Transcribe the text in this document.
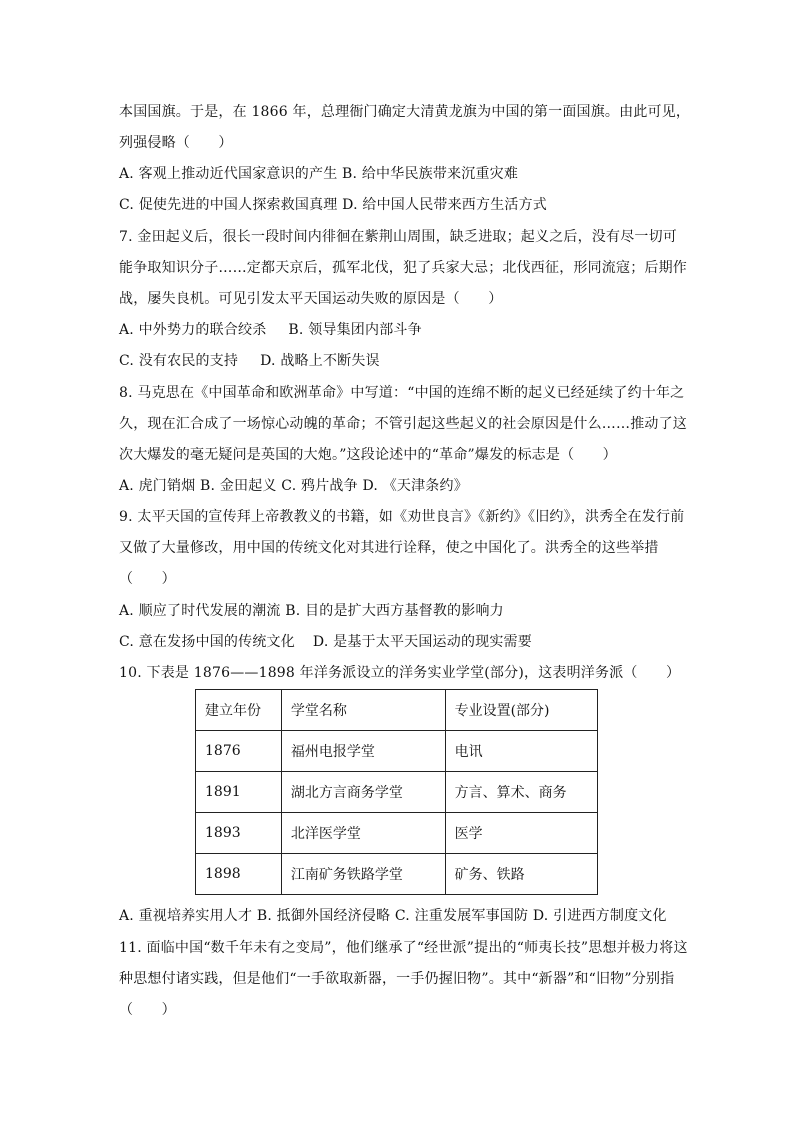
本国国旗。于是，在 1866 年，总理衙门确定大清黄龙旗为中国的第一面国旗。由此可见，
列强侵略（　　）
A. 客观上推动近代国家意识的产生 B. 给中华民族带来沉重灾难
C. 促使先进的中国人探索救国真理 D. 给中国人民带来西方生活方式
7. 金田起义后，很长一段时间内徘徊在紫荆山周围，缺乏进取；起义之后，没有尽一切可
能争取知识分子……定都天京后，孤军北伐，犯了兵家大忌；北伐西征，形同流寇；后期作
战，屡失良机。可见引发太平天国运动失败的原因是（　　）
A. 中外势力的联合绞杀 B. 领导集团内部斗争
C. 没有农民的支持 D. 战略上不断失误
8. 马克思在《中国革命和欧洲革命》中写道：“中国的连绵不断的起义已经延续了约十年之
久，现在汇合成了一场惊心动魄的革命；不管引起这些起义的社会原因是什么……推动了这
次大爆发的毫无疑问是英国的大炮。”这段论述中的“革命”爆发的标志是（　　）
A. 虎门销烟 B. 金田起义 C. 鸦片战争 D. 《天津条约》
9. 太平天国的宣传拜上帝教教义的书籍，如《劝世良言》《新约》《旧约》，洪秀全在发行前
又做了大量修改，用中国的传统文化对其进行诠释，使之中国化了。洪秀全的这些举措
（　　）
A. 顺应了时代发展的潮流 B. 目的是扩大西方基督教的影响力
C. 意在发扬中国的传统文化 D. 是基于太平天国运动的现实需要
10. 下表是 1876——1898 年洋务派设立的洋务实业学堂(部分)，这表明洋务派（　　）
建立年份	学堂名称	专业设置(部分)
1876	福州电报学堂	电讯
1891	湖北方言商务学堂	方言、算术、商务
1893	北洋医学堂	医学
1898	江南矿务铁路学堂	矿务、铁路
A. 重视培养实用人才 B. 抵御外国经济侵略 C. 注重发展军事国防 D. 引进西方制度文化
11. 面临中国“数千年未有之变局”，他们继承了“经世派”提出的“师夷长技”思想并极力将这
种思想付诸实践，但是他们“一手欲取新器，一手仍握旧物”。其中“新器”和“旧物”分别指
（　　）
